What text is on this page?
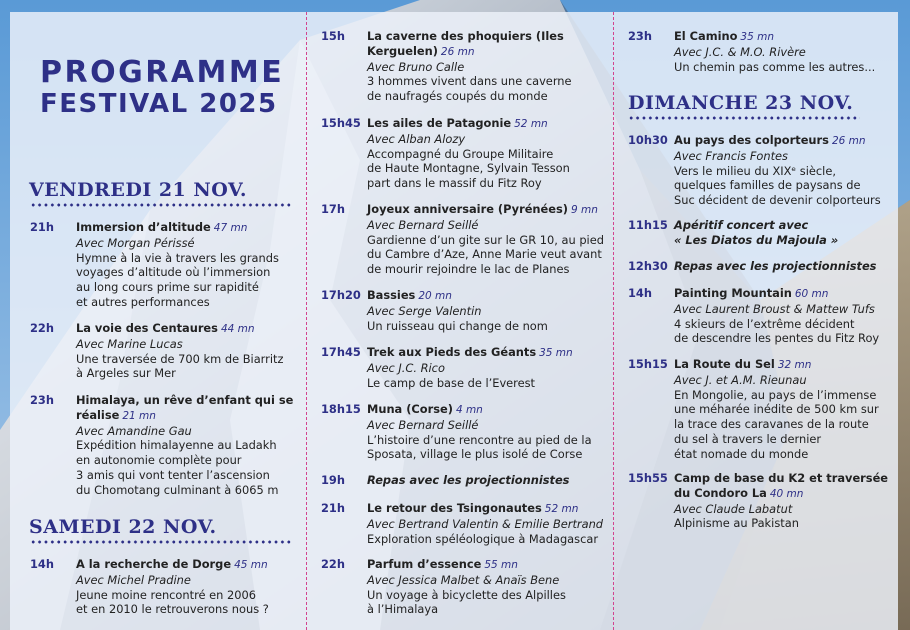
PROGRAMME
FESTIVAL 2025
VENDREDI 21 NOV.
21h Immersion d’altitude 47 mn
Avec Morgan Périssé
Hymne à la vie à travers les grands
voyages d’altitude où l’immersion
au long cours prime sur rapidité
et autres performances
22h La voie des Centaures 44 mn
Avec Marine Lucas
Une traversée de 700 km de Biarritz
à Argeles sur Mer
23h Himalaya, un rêve d’enfant qui se
réalise 21 mn
Avec Amandine Gau
Expédition himalayenne au Ladakh
en autonomie complète pour
3 amis qui vont tenter l’ascension
du Chomotang culminant à 6065 m
SAMEDI 22 NOV.
14h A la recherche de Dorge 45 mn
Avec Michel Pradine
Jeune moine rencontré en 2006
et en 2010 le retrouverons nous ?
15h La caverne des phoquiers (Iles
Kerguelen) 26 mn
Avec Bruno Calle
3 hommes vivent dans une caverne
de naufragés coupés du monde
15h45 Les ailes de Patagonie 52 mn
Avec Alban Alozy
Accompagné du Groupe Militaire
de Haute Montagne, Sylvain Tesson
part dans le massif du Fitz Roy
17h Joyeux anniversaire (Pyrénées) 9 mn
Avec Bernard Seillé
Gardienne d’un gite sur le GR 10, au pied
du Cambre d’Aze, Anne Marie veut avant
de mourir rejoindre le lac de Planes
17h20 Bassies 20 mn
Avec Serge Valentin
Un ruisseau qui change de nom
17h45 Trek aux Pieds des Géants 35 mn
Avec J.C. Rico
Le camp de base de l’Everest
18h15 Muna (Corse) 4 mn
Avec Bernard Seillé
L’histoire d’une rencontre au pied de la
Sposata, village le plus isolé de Corse
19h Repas avec les projectionnistes
21h Le retour des Tsingonautes 52 mn
Avec Bertrand Valentin & Emilie Bertrand
Exploration spéléologique à Madagascar
22h Parfum d’essence 55 mn
Avec Jessica Malbet & Anaïs Bene
Un voyage à bicyclette des Alpilles
à l’Himalaya
23h El Camino 35 mn
Avec J.C. & M.O. Rivère
Un chemin pas comme les autres...
DIMANCHE 23 NOV.
10h30 Au pays des colporteurs 26 mn
Avec Francis Fontes
Vers le milieu du XIXᵉ siècle,
quelques familles de paysans de
Suc décident de devenir colporteurs
11h15 Apéritif concert avec
« Les Diatos du Majoula »
12h30 Repas avec les projectionnistes
14h Painting Mountain 60 mn
Avec Laurent Broust & Mattew Tufs
4 skieurs de l’extrême décident
de descendre les pentes du Fitz Roy
15h15 La Route du Sel 32 mn
Avec J. et A.M. Rieunau
En Mongolie, au pays de l’immense
une méharée inédite de 500 km sur
la trace des caravanes de la route
du sel à travers le dernier
état nomade du monde
15h55 Camp de base du K2 et traversée
du Condoro La 40 mn
Avec Claude Labatut
Alpinisme au Pakistan
